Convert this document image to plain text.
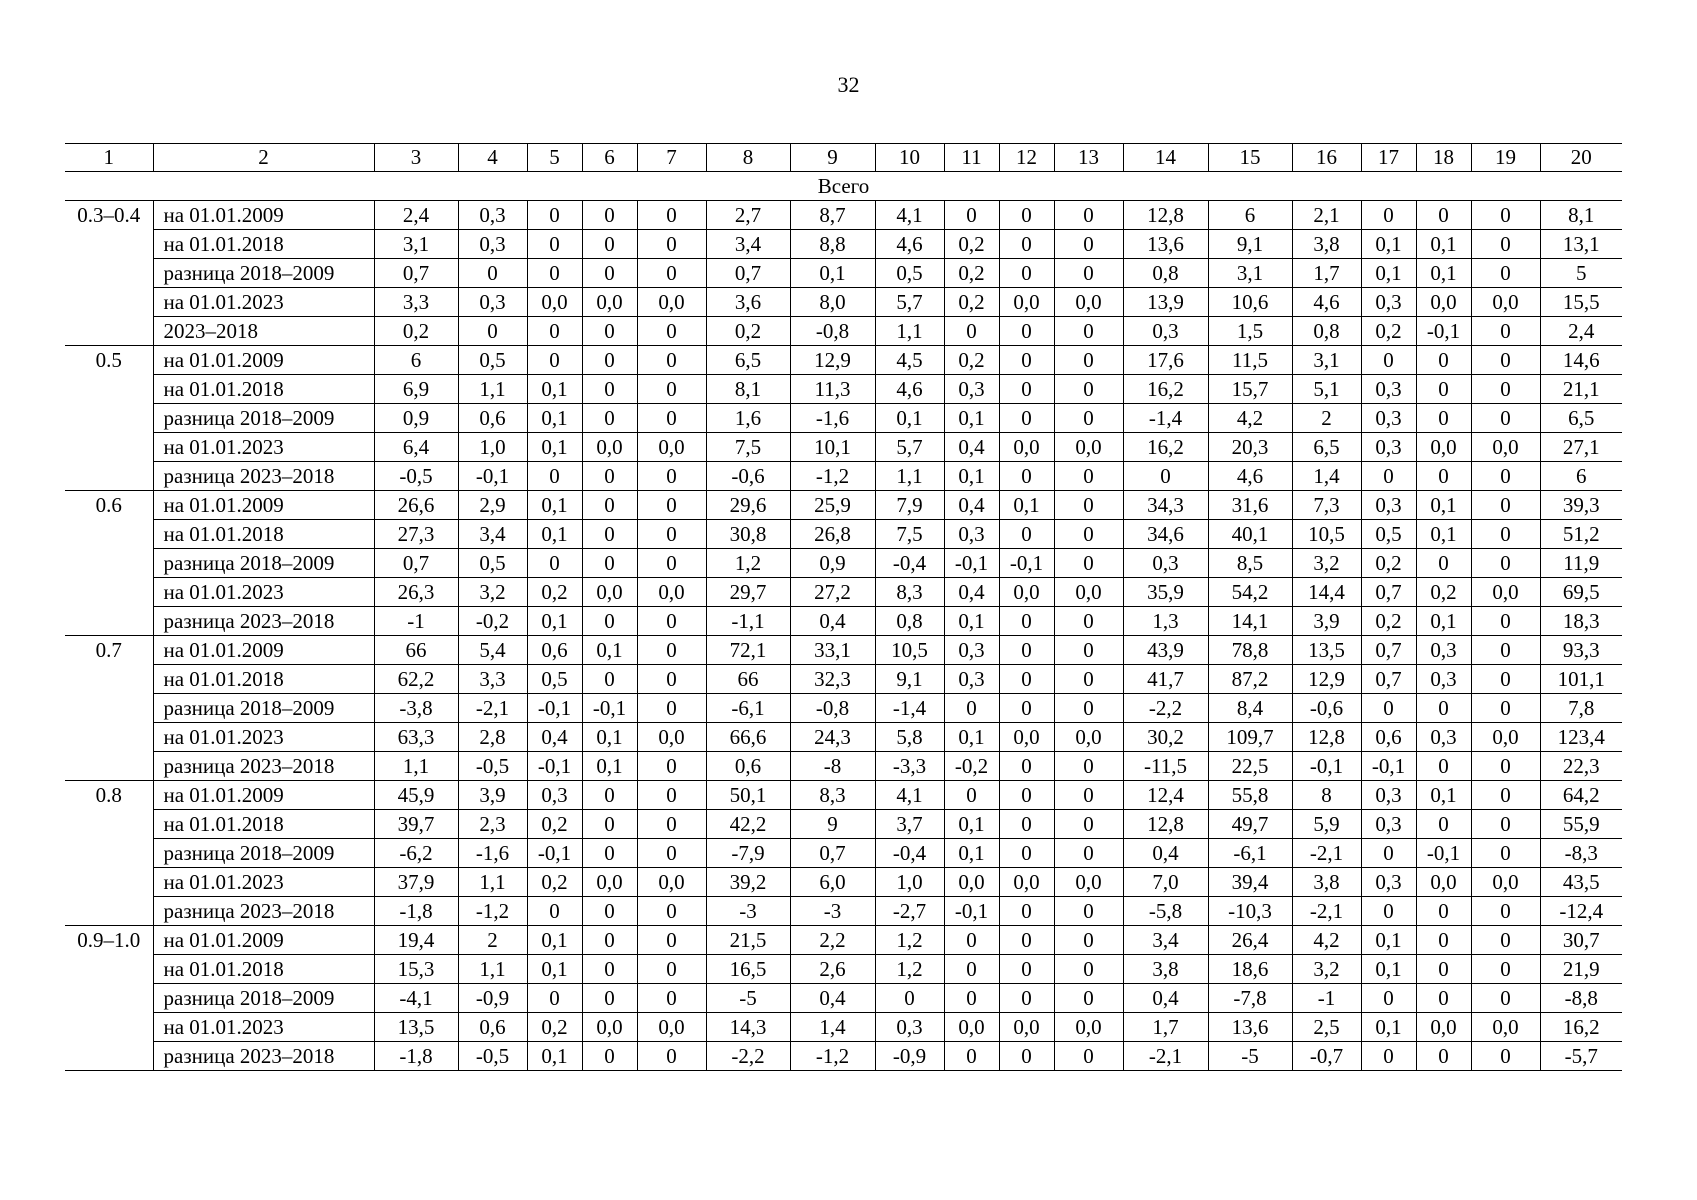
32
1	2	3	4	5	6	7	8	9	10	11	12	13	14	15	16	17	18	19	20
Всего																			
0.3–0.4	на 01.01.2009	2,4	0,3	0	0	0	2,7	8,7	4,1	0	0	0	12,8	6	2,1	0	0	0	8,1
	на 01.01.2018	3,1	0,3	0	0	0	3,4	8,8	4,6	0,2	0	0	13,6	9,1	3,8	0,1	0,1	0	13,1
	разница 2018–2009	0,7	0	0	0	0	0,7	0,1	0,5	0,2	0	0	0,8	3,1	1,7	0,1	0,1	0	5
	на 01.01.2023	3,3	0,3	0,0	0,0	0,0	3,6	8,0	5,7	0,2	0,0	0,0	13,9	10,6	4,6	0,3	0,0	0,0	15,5
	2023–2018	0,2	0	0	0	0	0,2	-0,8	1,1	0	0	0	0,3	1,5	0,8	0,2	-0,1	0	2,4
0.5	на 01.01.2009	6	0,5	0	0	0	6,5	12,9	4,5	0,2	0	0	17,6	11,5	3,1	0	0	0	14,6
	на 01.01.2018	6,9	1,1	0,1	0	0	8,1	11,3	4,6	0,3	0	0	16,2	15,7	5,1	0,3	0	0	21,1
	разница 2018–2009	0,9	0,6	0,1	0	0	1,6	-1,6	0,1	0,1	0	0	-1,4	4,2	2	0,3	0	0	6,5
	на 01.01.2023	6,4	1,0	0,1	0,0	0,0	7,5	10,1	5,7	0,4	0,0	0,0	16,2	20,3	6,5	0,3	0,0	0,0	27,1
	разница 2023–2018	-0,5	-0,1	0	0	0	-0,6	-1,2	1,1	0,1	0	0	0	4,6	1,4	0	0	0	6
0.6	на 01.01.2009	26,6	2,9	0,1	0	0	29,6	25,9	7,9	0,4	0,1	0	34,3	31,6	7,3	0,3	0,1	0	39,3
	на 01.01.2018	27,3	3,4	0,1	0	0	30,8	26,8	7,5	0,3	0	0	34,6	40,1	10,5	0,5	0,1	0	51,2
	разница 2018–2009	0,7	0,5	0	0	0	1,2	0,9	-0,4	-0,1	-0,1	0	0,3	8,5	3,2	0,2	0	0	11,9
	на 01.01.2023	26,3	3,2	0,2	0,0	0,0	29,7	27,2	8,3	0,4	0,0	0,0	35,9	54,2	14,4	0,7	0,2	0,0	69,5
	разница 2023–2018	-1	-0,2	0,1	0	0	-1,1	0,4	0,8	0,1	0	0	1,3	14,1	3,9	0,2	0,1	0	18,3
0.7	на 01.01.2009	66	5,4	0,6	0,1	0	72,1	33,1	10,5	0,3	0	0	43,9	78,8	13,5	0,7	0,3	0	93,3
	на 01.01.2018	62,2	3,3	0,5	0	0	66	32,3	9,1	0,3	0	0	41,7	87,2	12,9	0,7	0,3	0	101,1
	разница 2018–2009	-3,8	-2,1	-0,1	-0,1	0	-6,1	-0,8	-1,4	0	0	0	-2,2	8,4	-0,6	0	0	0	7,8
	на 01.01.2023	63,3	2,8	0,4	0,1	0,0	66,6	24,3	5,8	0,1	0,0	0,0	30,2	109,7	12,8	0,6	0,3	0,0	123,4
	разница 2023–2018	1,1	-0,5	-0,1	0,1	0	0,6	-8	-3,3	-0,2	0	0	-11,5	22,5	-0,1	-0,1	0	0	22,3
0.8	на 01.01.2009	45,9	3,9	0,3	0	0	50,1	8,3	4,1	0	0	0	12,4	55,8	8	0,3	0,1	0	64,2
	на 01.01.2018	39,7	2,3	0,2	0	0	42,2	9	3,7	0,1	0	0	12,8	49,7	5,9	0,3	0	0	55,9
	разница 2018–2009	-6,2	-1,6	-0,1	0	0	-7,9	0,7	-0,4	0,1	0	0	0,4	-6,1	-2,1	0	-0,1	0	-8,3
	на 01.01.2023	37,9	1,1	0,2	0,0	0,0	39,2	6,0	1,0	0,0	0,0	0,0	7,0	39,4	3,8	0,3	0,0	0,0	43,5
	разница 2023–2018	-1,8	-1,2	0	0	0	-3	-3	-2,7	-0,1	0	0	-5,8	-10,3	-2,1	0	0	0	-12,4
0.9–1.0	на 01.01.2009	19,4	2	0,1	0	0	21,5	2,2	1,2	0	0	0	3,4	26,4	4,2	0,1	0	0	30,7
	на 01.01.2018	15,3	1,1	0,1	0	0	16,5	2,6	1,2	0	0	0	3,8	18,6	3,2	0,1	0	0	21,9
	разница 2018–2009	-4,1	-0,9	0	0	0	-5	0,4	0	0	0	0	0,4	-7,8	-1	0	0	0	-8,8
	на 01.01.2023	13,5	0,6	0,2	0,0	0,0	14,3	1,4	0,3	0,0	0,0	0,0	1,7	13,6	2,5	0,1	0,0	0,0	16,2
	разница 2023–2018	-1,8	-0,5	0,1	0	0	-2,2	-1,2	-0,9	0	0	0	-2,1	-5	-0,7	0	0	0	-5,7
